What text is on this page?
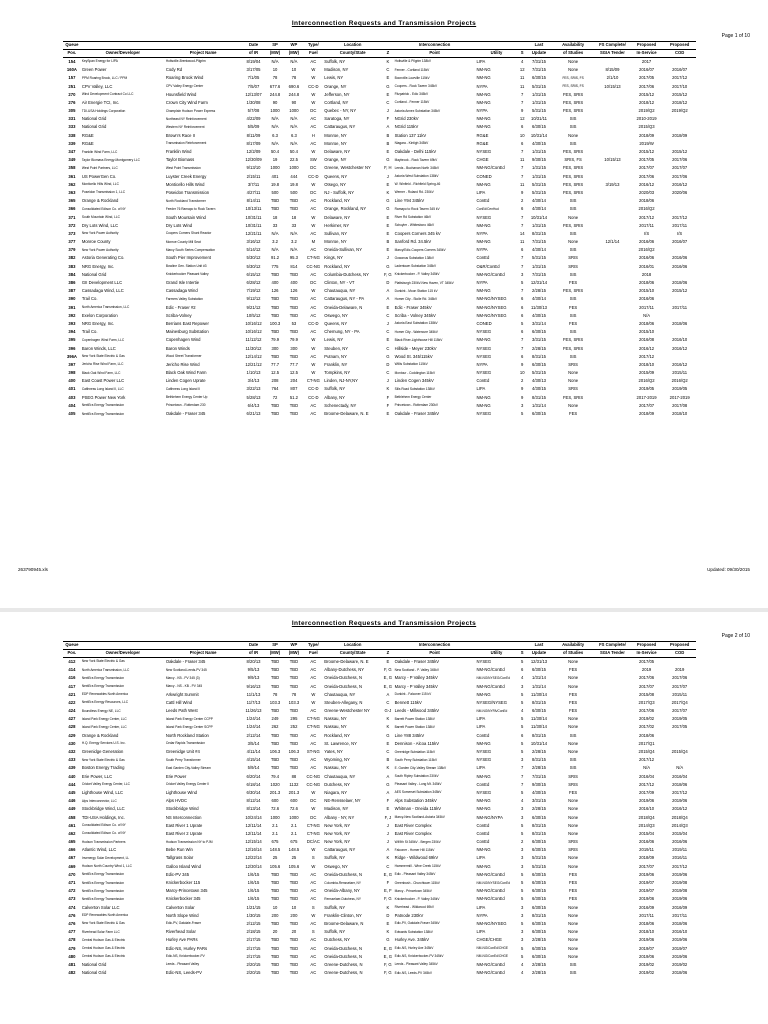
Interconnection Requests and Transmission Projects
Page 1 of 10
Queue			Date	SP	WP	Type/	Location		Interconnection			Last	Availability	FS Complete/	Proposed	Proposed
Pos.	Owner/Developer	Project Name	of IR	(MW)	(MW)	Fuel	County/State	Z	Point	Utility	S	Update	of Studies	SGIA Tender	In-Service	COD
154	KeySpan Energy for LIPA	Holtsville-Brentwood-Pilgrim	8/19/04	N/A	N/A	AC	Suffolk, NY	K	Holtsville & Pilgrim 138kV	LIPA	4	7/31/15	None		2017	
160A	Green Power	Cody Rd	3/17/05	10	10	W	Madison, NY	C	Fenner - Cortland 115kV	NM-NG	12	7/31/15	None	8/15/09	2016/07	2016/07
157	PPM Roaring Brook, LLC / PPM	Roaring Brook Wind	7/1/05	78	78	W	Lewis, NY	E	Boonville-Lowville 115kV	NM-NG	11	6/30/15	FES, SRIS, FS	2/1/10	2017/05	2017/12
251	CPV Valley, LLC	CPV Valley Energy Center	7/5/07	677.6	690.6	CC-D	Orange, NY	G	Coopers - Rock Tavern 345kV	NYPA	11	5/31/15	FES, SRIS, FS	10/15/13	2017/06	2017/10
270	Wind Development Contract Co LLC	Hounsfield Wind	12/13/07	244.8	244.8	W	Jefferson, NY	E	Fitzpatrick - Edic 345kV	NM-NG	7	1/31/15	FES, SRIS		2015/12	2015/12
276	Air Energie TCI, Inc.	Crown City Wind Farm	1/30/08	90	90	W	Cortland, NY	C	Cortland - Fenner 115kV	NM-NG	7	1/31/15	FES, SRIS		2018/12	2018/12
305	TDI-USA Holdings Corporation	Champlain Hudson Power Express	5/7/08	1000	1000	DC	Quebec - NY, NY	J	Astoria Annex Substation 345kV	NYPA	9	5/31/15	FES, SRIS		2019/Q2	2019/Q2
331	National Grid	Northeast NY Reinforcement	4/22/09	N/A	N/A	AC	Saratoga, NY	F	NGrid 230kV	NM-NG	12	10/31/11	SIS		2010-2019	
333	National Grid	Western NY Reinforcement	5/5/09	N/A	N/A	AC	Cattaraugus, NY	A	NGrid 115kV	NM-NG	6	6/30/15	SIS		2015/Q3	
338	RG&E	Brown's Race II	8/11/09	6.3	6.3	H	Monroe, NY	B	Station 137 11kV	RG&E	10	10/31/14	None		2018/09	2018/09
339	RG&E	Transmission Reinforcement	8/17/09	N/A	N/A	AC	Monroe, NY	B	Niagara - Kintigh 345kV	RG&E	6	4/30/15	SIS		2019/W	
347	Franklin Wind Farm, LLC	Franklin Wind	12/2/09	50.4	50.4	W	Delaware, NY	E	Oakdale - Delhi 115kV	NYSEG	7	1/31/15	FES, SRIS		2015/12	2015/12
349	Taylor Biomass Energy-Montgomery LLC	Taylor Biomass	12/30/09	19	22.5	SW	Orange, NY	G	Maybrook - Rock Tavern 69kV	CHGE	11	9/30/15	SRIS, FS	10/15/13	2017/05	2017/06
358	West Point Partners, LLC	West Point Transmission	9/13/10	1000	1000	DC	Greene, Westchester NY	F, H	Leeds - Buchanan North 345kV	NM-NG/ConEd	7	1/31/15	FES, SRIS		2017/07	2017/07
361	US PowerGen Co.	Luyster Creek Energy	2/15/11	401	444	CC-D	Queens, NY	J	Astoria West Substation 138kV	CONED	7	1/31/15	FES, SRIS		2017/06	2017/06
362	Monticello Hills Wind, LLC	Monticello Hills Wind	3/7/11	19.8	19.8	W	Otsego, NY	E	W. Winfield - Richfield Spring-46	NM-NG	11	5/31/15	FES, SRIS	3/19/13	2016/12	2016/12
363	Poseidon Transmission 1, LLC	Poseidon Transmission	4/27/11	500	500	DC	NJ - Suffolk, NY	K	Werner - Ruland Rd. 230kV	LIPA	9	5/31/15	FES, SRIS		2020/03	2020/06
365	Orange & Rockland	North Rockland Transformer	8/14/11	TBD	TBD	AC	Rockland, NY	G	Line Y94 345kV	ConEd	2	4/30/14	SIS		2018/06	
366	Consolidated Edison Co. of NY	Feeder 76 Ramapo to Rock Tavern	10/13/11	TBD	TBD	AC	Orange, Rockland, NY	G	Ramapo to Rock Tavern 345 kV	ConEd/CenHud	6	4/30/14	SIS		2016/Q2	
371	South Mountain Wind, LLC	South Mountain Wind	10/31/11	18	18	W	Delaware, NY	E	River Rd Substation 46kV	NYSEG	7	10/31/14	None		2017/12	2017/12
372	Dry Lots Wind, LLC	Dry Lots Wind	10/31/11	33	33	W	Herkimer, NY	E	Schuyler - Whitesboro 46kV	NM-NG	7	1/31/15	FES, SRIS		2017/11	2017/11
373	New York Power Authority	Coopers Corners Shunt Reactor	12/21/11	N/A	N/A	AC	Sullivan, NY	E	Coopers Corners 345 kV	NYPA	14	8/31/15	SIS		I/S	I/S
377	Monroe County	Monroe County Mill Seat	3/16/12	3.2	3.2	M	Monroe, NY	B	Sanford Rd. 34.5kV	NM-NG	11	7/31/15	None	12/1/14	2016/06	2016/07
379	New York Power Authority	Marcy South Series Compensation	5/14/12	N/A	N/A	AC	Oneida-Sullivan, NY	E	Marcy/Edic-Coopers Corners 345kV	NYPA	6	4/30/14	SIS		2016/Q2	
382	Astoria Generating Co.	South Pier Improvement	5/30/12	91.2	95.3	CT-NG	Kings, NY	J	Gowanus Substation 138kV	ConEd	7	5/31/15	SRIS		2016/06	2016/06
383	NRG Energy, Inc.	Bowline Gen. Station Unit #3	5/30/12	775	814	CC-NG	Rockland, NY	G	Ladentown Substation 345kV	O&R/ConEd	7	1/31/15	SRIS		2016/01	2016/06
384	National Grid	Knickerbocker Pleasant Valley	6/15/12	TBD	TBD	AC	Columbia-Dutchess, NY	F, G	Knickerbocker - P. Valley 345kV	NM-NG/ConEd	3	7/31/15	SIS		2018	
386	GII Development LLC	Grand Isle Intertie	6/28/12	400	400	DC	Clinton, NY - VT	D	Plattsburgh 230kV-New Haven, VT 345kV	NYPA	5	12/31/14	FES		2018/06	2018/06
387	Cassadaga Wind, LLC	Cassadaga Wind	7/19/12	126	126	W	Chautauqua, NY	A	Dunkirk - Moon Station 115 kV	NM-NG	7	2/28/15	FES, SRIS		2015/10	2015/12
390	Trail Co.	Farmers Valley Substation	9/12/12	TBD	TBD	AC	Cattaraugus, NY - PA	A	Homer City - Stolle Rd. 345kV	NM-NG/NYSEG	6	4/30/14	SIS		2016/06	
391	North America Transmission, LLC	Edic - Fraser #2	9/21/12	TBD	TBD	AC	Oneida-Delaware, N	E	Edic - Fraser 345kV	NM-NG/NYSEG	6	11/30/13	FES		2017/11	2017/11
392	Exelon Corporation	Scriba-Volney	10/5/12	TBD	TBD	AC	Oswego, NY	C	Scriba - Volney 345kV	NM-NG/NYSEG	6	4/30/15	SIS		N/A	
393	NRG Energy, Inc.	Berrians East Repower	10/16/12	100.3	53	CC-D	Queens, NY	J	Astoria East Substation 138kV	CONED	5	3/31/14	FES		2018/06	2018/06
394	Trail Co.	Mainesburg Substation	10/16/12	TBD	TBD	AC	Chemung, NY - PA	C	Homer City - Watercure 345kV	NYSEG	6	6/30/15	SIS		2015/10	
395	Copenhagen Wind Farm, LLC	Copenhagen Wind	11/12/12	79.9	79.9	W	Lewis, NY	E	Black River-Lighthouse Hill 115kV	NM-NG	7	3/31/15	FES, SRIS		2016/08	2016/10
396	Baron Winds, LLC	Baron Winds	11/30/12	300	300	W	Steuben, NY	C	Hillside - Meyer 230kV	NYSEG	7	2/28/15	FES, SRIS		2016/12	2016/12
396A	New York State Electric & Gas	Wood Street Transformer	12/14/12	TBD	TBD	AC	Putnam, NY	G	Wood St. 345/115kV	NYSEG	6	8/31/15	SIS		2017/12	
397	Jericho Rise Wind Farm, LLC	Jericho Rise Wind	12/21/12	77.7	77.7	W	Franklin, NY	D	Willis Substation 115kV	NYPA	9	6/30/15	SRIS		2018/10	2016/12
398	Black Oak Wind Farm, LLC	Black Oak Wind Farm	1/10/13	12.5	12.5	W	Tompkins, NY	C	Montour - Coddington 115kV	NYSEG	10	5/31/15	None		2015/09	2015/11
400	East Coast Power LLC	Linden Cogen Uprate	3/4/13	208	204	CT-NG	Linden, NJ-NY,NY	J	Linden Cogen 345kV	ConEd	2	4/30/13	None		2016/Q2	2016/Q2
401	Caithness Long Island II, LLC	Caithness Long Island II	3/22/13	764	807	CC-D	Suffolk, NY	K	Sills Road Substation 138kV	LIPA	9	4/30/15	SRIS		2019/05	2019/05
403	PSEG Power New York	Bethlehem Energy Center Up	5/28/13	72	51.2	CC-D	Albany, NY	F	Bethlehem Energy Center	NM-NG	9	8/31/15	FES, SRIS		2017-2019	2017-2019
404	NextEra Energy Transmission	Princetown - Rotterdam 230	6/4/13	TBD	TBD	AC	Schenectady, NY	F	Princetown - Rotterdam 230kV	NM-NG	3	1/31/14	None		2017/07	2017/08
405	NextEra Energy Transmission	Oakdale - Fraser 345	6/21/13	TBD	TBD	AC	Broome-Delaware, N. E	E	Oakdale - Fraser 345kV	NYSEG	5	6/30/15	FES		2018/09	2018/10
263790945.xls	Updated: 09/30/2015
Interconnection Requests and Transmission Projects
Page 2 of 10
Queue			Date	SP	WP	Type/	Location		Interconnection			Last	Availability	FS Complete/	Proposed	Proposed
Pos.	Owner/Developer	Project Name	of IR	(MW)	(MW)	Fuel	County/State	Z	Point	Utility	S	Update	of Studies	SGIA Tender	In-Service	COD
412	New York State Electric & Gas	Oakdale - Fraser 345	8/20/13	TBD	TBD	AC	Broome-Delaware, N. E	E	Oakdale - Fraser 345kV	NYSEG	5	12/31/13	None		2017/05	
414	North America Transmission, LLC	New Scotland-Leeds-PV 345	9/5/13	TBD	TBD	AC	Albany-Dutchess, NY	F, G	New Scotland - P. Valley 345kV	NM-NG/ConEd	6	6/30/15	FES		2019	2019
416	NextEra Energy Transmission	Marcy - KB - PV 345 (3)	9/9/13	TBD	TBD	AC	Oneida-Dutchess, N	E, G	Marcy - P Valley 345kV	NM-NG/NYSEG/ConEd	4	1/31/14	None		2017/06	2017/06
417	NextEra Energy Transmission	Marcy - NS - KB - PV 345	9/16/13	TBD	TBD	AC	Oneida-Dutchess, N	E, G	Marcy - P Valley 345kV	NM-NG/ConEd	3	1/31/14	None		2017/07	2017/07
421	EDP Renewables North America	Arkwright Summit	11/1/13	78	78	W	Chautauqua, NY	A	Dunkirk - Falconer 115 kV	NM-NG	5	11/30/14	FES		2015/08	2015/11
422	NextEra Energy Resources, LLC	Cattl Hill Wind	11/7/13	103.3	103.3	W	Steuben-Allegany, N	C	Bennett 115kV	NYSEG/NYSEG	5	8/31/15	FES		2017/Q3	2017/Q4
424	Boundless Energy NE, LLC	Leeds Path West	11/26/13	TBD	TBD	AC	Greene-Westchester NY	G-J	Leeds - Millwood 345kV	NM-NG/NYPA/ConEd	4	6/30/15	FES		2017/06	2017/07
427	Island Park Energy Center, LLC	Island Park Energy Center CCPP	1/24/14	249	295	CT-NG	Nassau, NY	K	Barrett Power Station 138kV	LIPA	5	11/30/14	None		2019/02	2019/05
428	Island Park Energy Center, LLC	Island Park Energy Center SCPP	1/24/14	262	252	CT-NG	Nassau, NY	K	Barrett Power Station 138kV	LIPA	5	11/30/14	None		2017/02	2017/05
429	Orange & Rockland	North Rockland Station	2/12/14	TBD	TBD	AC	Rockland, NY	G	Line Y88 345kV	ConEd	6	8/31/15	SIS		2018/06	
430	H.Q. Energy Services U.S. Inc.	Cedar Rapids Transmission	3/5/14	TBD	TBD	AC	St. Lawrence, NY	E	Dennison - Alcoa 115kV	NM-NG	5	10/31/14	None		2017/Q1	
432	Greenidge Generation	Greenidge Unit #4	4/11/14	106.3	106.3	ST-NG	Yates, NY	C	Greenidge Substation 115kV	NYSEG	5	2/28/15	None		2015/Q4	2015/Q4
433	New York State Electric & Gas	South Perry Transformer	4/15/14	TBD	TBD	AC	Wyoming, NY	B	South Perry Substation 115kV	NYSEG	3	8/31/15	SIS		2017/12	
439	Boston Energy Trading	East Garden City-Valley Stream	5/9/14	TBD	TBD	AC	Nassau, NY	K	E. Garden City-Valley Stream 138kV	LIPA	7	2/28/15	SIS		N/A	N/A
440	Erie Power, LLC	Erie Power	6/20/14	79.4	88	CC-NG	Chautauqua, NY	A	South Ripley Substation 230kV	NM-NG	7	7/31/15	SRIS		2016/04	2016/04
444	Cricket Valley Energy Center, LLC	Cricket Valley Energy Center II	6/18/14	1020	1132	CC-NG	Dutchess, NY	G	Pleasant Valley - Long Mt. 345kV	ConEd	7	9/30/15	SRIS		2017/12	2018/06
445	Lighthouse Wind, LLC	Lighthouse Wind	6/30/14	201.3	201.3	W	Niagara, NY	A	AES Somerset Substation 345kV	NYSEG	5	4/30/15	FES		2017/09	2017/12
446	Alps Interconnector, LLC	Alps HVDC	8/12/14	600	600	DC	NE-Rensselaer, NY	F	Alps Substation 345kV	NM-NG	4	3/31/15	None		2019/06	2019/06
449	Stockbridge Wind, LLC	Stockbridge Wind	8/13/14	72.6	72.6	W	Madison, NY	E	Whitman - Oneida 115kV	NM-NG	3	2/28/15	None		2016/10	2016/12
458	TDI-USA Holdings, Inc.	NS Interconnection	10/24/14	1000	1000	DC	Albany - NY, NY	F, J	Marcy-New Scotland-Astoria 345kV	NM-NG/NYPA	3	6/30/15	None		2018/Q4	2018/Q4
461	Consolidated Edison Co. of NY	East River 1 Uprate	12/11/14	2.1	2.1	CT-NG	New York, NY	J	East River Complex	ConEd	5	8/31/15	None		2014/Q3	2014/Q3
462	Consolidated Edison Co. of NY	East River 2 Uprate	12/11/14	2.1	2.1	CT-NG	New York, NY	J	East River Complex	ConEd	5	8/31/15	None		2015/04	2015/04
465	Hudson Transmission Partners	Hudson Transmission NY to PJM	12/15/14	675	675	DC/AC	New York, NY	J	W49th St 345kV - Bergen 230kV	ConEd	2	6/30/15	SRIS		2016/06	2016/06
466	Atlantic Wind, LLC	Bebe Run Win	12/16/14	148.5	148.5	W	Cattaraugus, NY	A	Falconer - Homer Hill 115kV	NM-NG	3	6/30/15	SRIS		2019/11	2019/11
467	Invenergy Solar Development, LL	Tallgrass Solar	12/22/14	25	25	S	Suffolk, NY	K	Ridge - Wildwood 69kV	LIPA	3	5/31/15	None		2018/09	2016/11
469	Hudson North Country Wind 1, LLC	Galloo Island Wind	12/30/14	105.6	105.6	W	Oswego, NY	C	Hammermill - Wine Creek 115kV	NM-NG	3	5/31/15	None		2017/07	2017/12
470	NextEra Energy Transmission	Edic-PV 345	1/6/15	TBD	TBD	AC	Oneida-Dutchess, N	E, G	Edic - Pleasant Valley 345kV	NM-NG/ConEd	5	6/30/15	FES		2019/06	2019/06
471	NextEra Energy Transmission	Knickerbocker 115	1/6/15	TBD	TBD	AC	Columbia-Rensselaer, NY	F	Greenbush - Churchtown 115kV	NM-NG/NYSEG/ConEd	5	6/30/15	FES		2019/07	2019/08
472	NextEra Energy Transmission	Marcy-Princetown 345	1/6/15	TBD	TBD	AC	Oneida-Albany, NY	E, F	Marcy - Princetown 345kV	NM-NG/ConEd	5	6/30/15	FES		2019/07	2019/08
473	NextEra Energy Transmission	Knickerbocker 345	1/6/15	TBD	TBD	AC	Rensselaer-Dutchess, NY	F, G	Knickerbocker - P. Valley 345kV	NM-NG/ConEd	5	6/30/15	FES		2019/06	2019/06
474	Calverton Solar LLC	Calverton Solar	1/21/15	10	10	S	Suffolk, NY	K	Riverhead - Wildwood 69kV	LIPA	3	6/30/15	None		2016/09	2016/09
476	EDP Renewables North America	North Slope Wind	1/30/15	200	200	W	Franklin-Clinton, NY	D	Patnode 230kV	NYPA	3	8/31/15	None		2017/11	2017/11
476	New York State Electric & Gas	Edic-PV, Oakdale-Fraser	2/12/15	TBD	TBD	AC	Broome-Delaware, N	E	Edic-PV, Oakdale-Fraser 345kV	NM-NG/NYSEG	5	6/30/15	None		2018/06	2018/06
477	Riverhead Solar Farm LLC	Riverhead Solar	2/18/15	20	20	S	Suffolk, NY	K	Edwards Substation 138kV	LIPA	3	6/30/15	None		2018/10	2016/10
478	Central Hudson Gas & Electric	Hurley Ave PARs	2/17/15	TBD	TBD	AC	Dutchess, NY	G	Hurley Ave. 345kV	CHGE/CHGE	3	2/28/15	None		2019/06	2019/06
479	Central Hudson Gas & Electric	Edic-NS, Hurley PARs	2/17/15	TBD	TBD	AC	Oneida-Dutchess, N	E, G	Edic-NS, Hurley Ave 345kV	NM-NG/ConEd/CHGE	5	6/30/15	None		2019/07	2019/07
480	Central Hudson Gas & Electric	Edic-NS, Knickerbocker-PV	2/17/15	TBD	TBD	AC	Oneida-Dutchess, N	E, G	Edic-NS, Knickerbocker-PV 345kV	NM-NG/ConEd/CHGE	5	6/30/15	None		2019/06	2019/06
481	National Grid	Leeds - Pleasant Valley	2/20/15	TBD	TBD	AC	Greene-Dutchess, N	F, G	Leeds - Pleasant Valley 345kV	NM-NG/ConEd	4	2/28/15	SIS		2019/02	2019/02
482	National Grid	Edic-NS, Leeds-PV	2/20/15	TBD	TBD	AC	Greene-Dutchess, N	F, G	Edic-NS, Leeds-PV 345kV	NM-NG/ConEd	4	2/28/15	SIS		2019/02	2018/06
